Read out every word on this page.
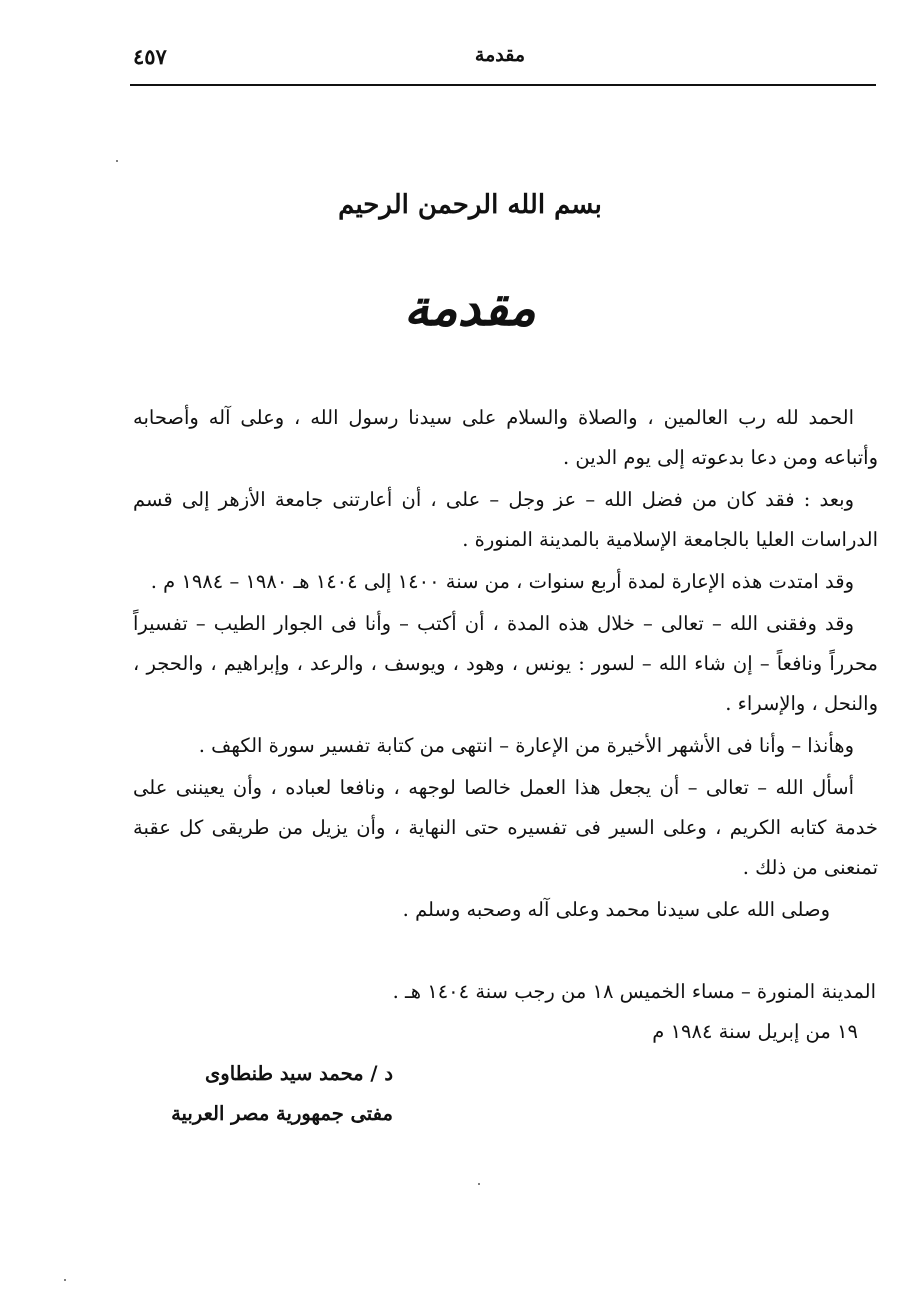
٤٥٧	مقدمة
بسم الله الرحمن الرحيم
مقدمة

الحمد لله رب العالمين ، والصلاة والسلام على سيدنا رسول الله ، وعلى آله وأصحابه وأتباعه ومن دعا بدعوته إلى يوم الدين .

وبعد : فقد كان من فضل الله – عز وجل – على ، أن أعارتنى جامعة الأزهر إلى قسم الدراسات العليا بالجامعة الإسلامية بالمدينة المنورة .

وقد امتدت هذه الإعارة لمدة أربع سنوات ، من سنة ١٤٠٠ إلى ١٤٠٤ هـ ١٩٨٠ – ١٩٨٤ م .

وقد وفقنى الله – تعالى – خلال هذه المدة ، أن أكتب – وأنا فى الجوار الطيب – تفسيراً محرراً ونافعاً – إن شاء الله – لسور : يونس ، وهود ، ويوسف ، والرعد ، وإبراهيم ، والحجر ، والنحل ، والإسراء .

وهأنذا – وأنا فى الأشهر الأخيرة من الإعارة – انتهى من كتابة تفسير سورة الكهف .

أسأل الله – تعالى – أن يجعل هذا العمل خالصا لوجهه ، ونافعا لعباده ، وأن يعيننى على خدمة كتابه الكريم ، وعلى السير فى تفسيره حتى النهاية ، وأن يزيل من طريقى كل عقبة تمنعنى من ذلك .

وصلى الله على سيدنا محمد وعلى آله وصحبه وسلم .

المدينة المنورة – مساء الخميس ١٨ من رجب سنة ١٤٠٤ هـ .
١٩ من إبريل سنة ١٩٨٤ م
د / محمد سيد طنطاوى
مفتى جمهورية مصر العربية
